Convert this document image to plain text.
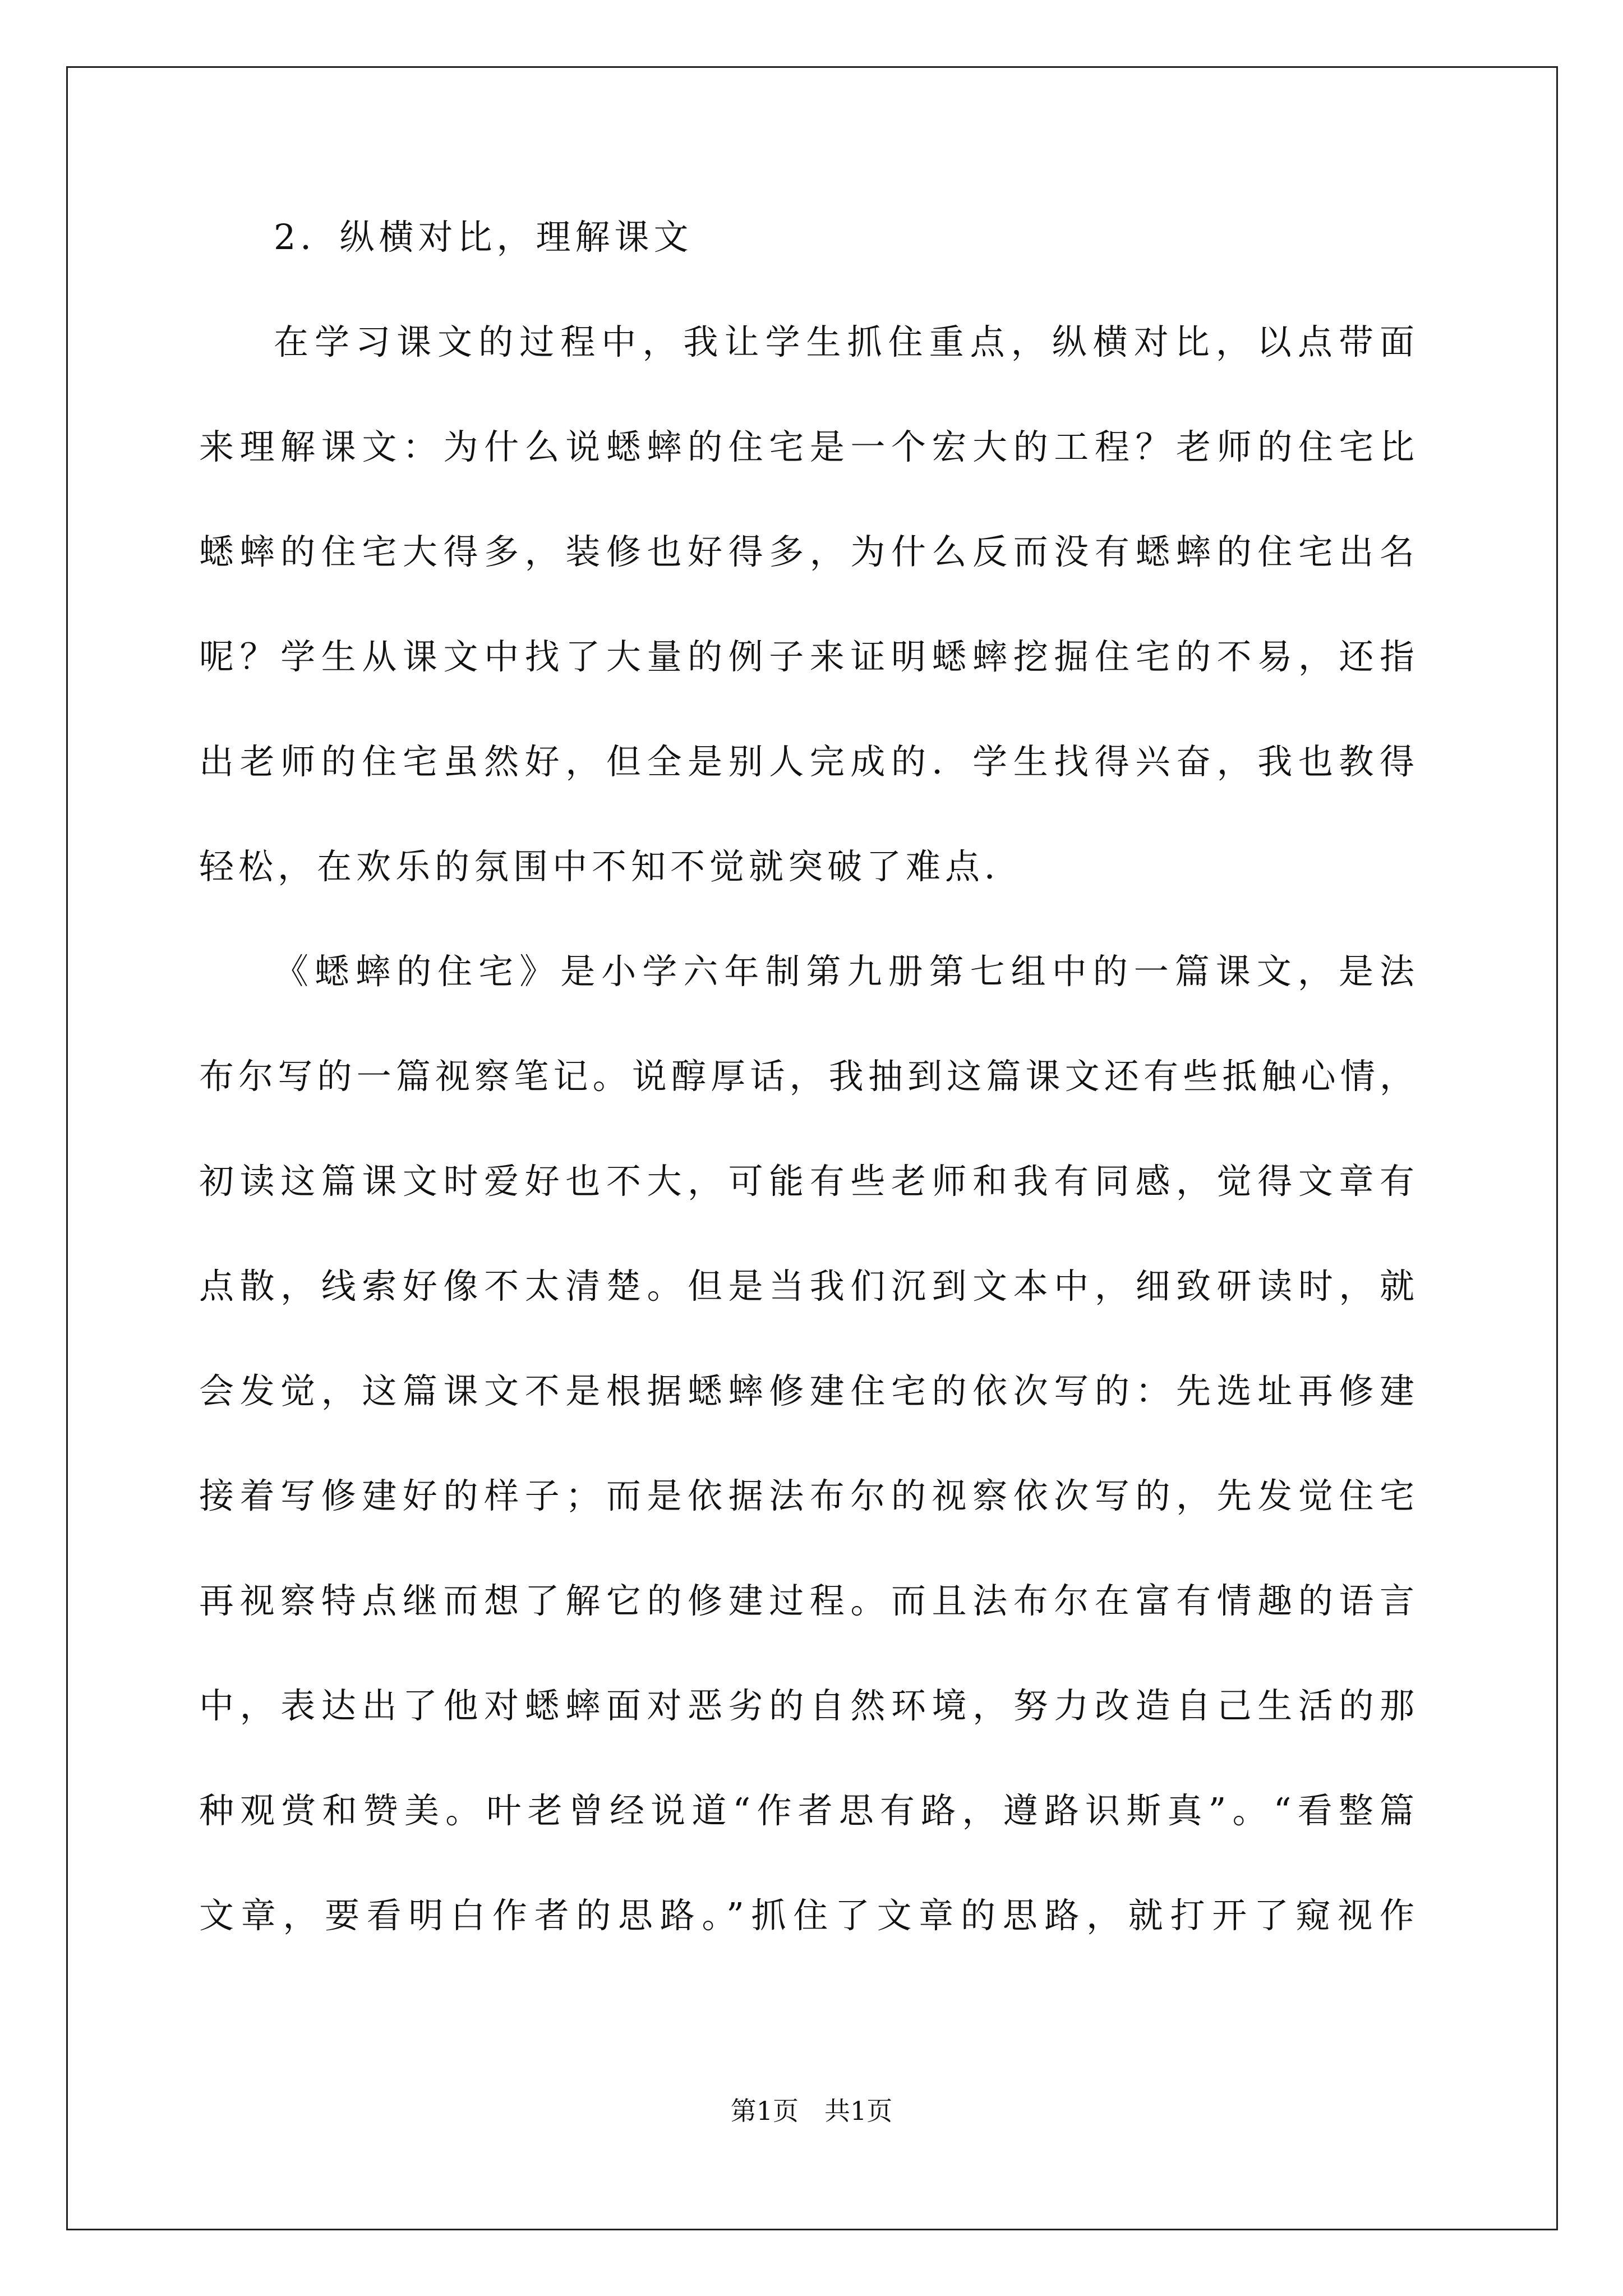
2．纵横对比，理解课文
在学习课文的过程中，我让学生抓住重点，纵横对比，以点带面
来理解课文：为什么说蟋蟀的住宅是一个宏大的工程？老师的住宅比
蟋蟀的住宅大得多，装修也好得多，为什么反而没有蟋蟀的住宅出名
呢？学生从课文中找了大量的例子来证明蟋蟀挖掘住宅的不易，还指
出老师的住宅虽然好，但全是别人完成的．学生找得兴奋，我也教得
轻松，在欢乐的氛围中不知不觉就突破了难点．
《蟋蟀的住宅》是小学六年制第九册第七组中的一篇课文，是法
布尔写的一篇视察笔记。说醇厚话，我抽到这篇课文还有些抵触心情，
初读这篇课文时爱好也不大，可能有些老师和我有同感，觉得文章有
点散，线索好像不太清楚。但是当我们沉到文本中，细致研读时，就
会发觉，这篇课文不是根据蟋蟀修建住宅的依次写的：先选址再修建
接着写修建好的样子；而是依据法布尔的视察依次写的，先发觉住宅
再视察特点继而想了解它的修建过程。而且法布尔在富有情趣的语言
中，表达出了他对蟋蟀面对恶劣的自然环境，努力改造自己生活的那
种观赏和赞美。叶老曾经说道“作者思有路，遵路识斯真”。“看整篇
文章，要看明白作者的思路。”抓住了文章的思路，就打开了窥视作
第1页　共1页
